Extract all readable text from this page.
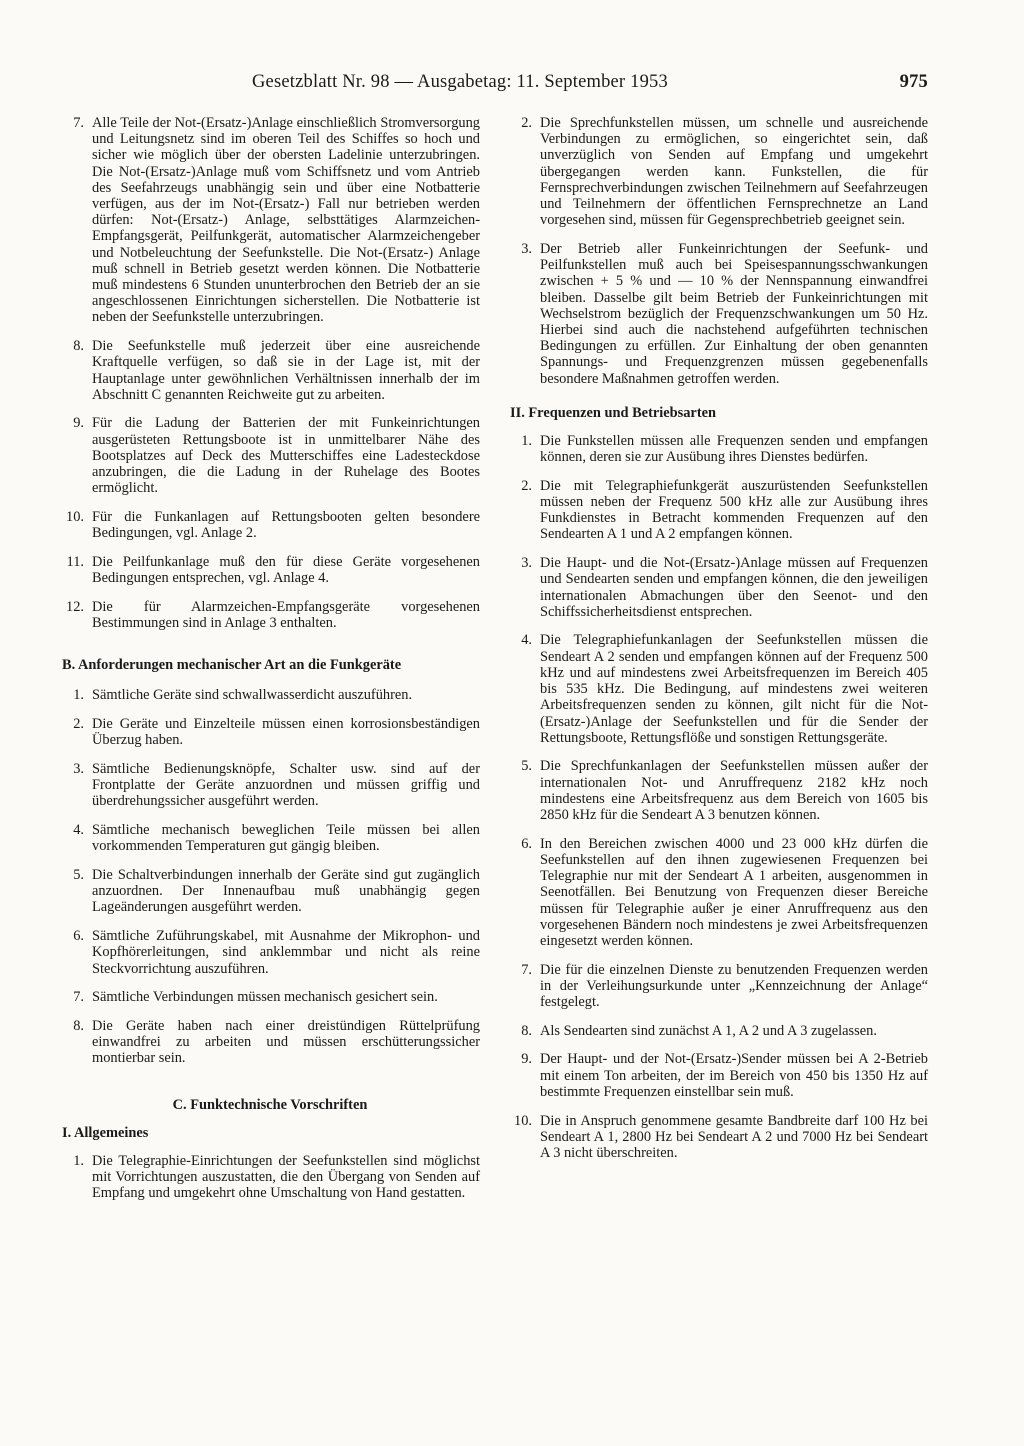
Gesetzblatt Nr. 98 — Ausgabetag: 11. September 1953	975
7. Alle Teile der Not-(Ersatz-)Anlage einschließlich Stromversorgung und Leitungsnetz sind im oberen Teil des Schiffes so hoch und sicher wie möglich über der obersten Ladelinie unterzubringen. Die Not-(Ersatz-)Anlage muß vom Schiffsnetz und vom Antrieb des Seefahrzeugs unabhängig sein und über eine Notbatterie verfügen, aus der im Not-(Ersatz-) Fall nur betrieben werden dürfen: Not-(Ersatz-) Anlage, selbsttätiges Alarmzeichen-Empfangsgerät, Peilfunkgerät, automatischer Alarmzeichengeber und Notbeleuchtung der Seefunkstelle. Die Not-(Ersatz-) Anlage muß schnell in Betrieb gesetzt werden können. Die Notbatterie muß mindestens 6 Stunden ununterbrochen den Betrieb der an sie angeschlossenen Einrichtungen sicherstellen. Die Notbatterie ist neben der Seefunkstelle unterzubringen.

8. Die Seefunkstelle muß jederzeit über eine ausreichende Kraftquelle verfügen, so daß sie in der Lage ist, mit der Hauptanlage unter gewöhnlichen Verhältnissen innerhalb der im Abschnitt C genannten Reichweite gut zu arbeiten.

9. Für die Ladung der Batterien der mit Funkeinrichtungen ausgerüsteten Rettungsboote ist in unmittelbarer Nähe des Bootsplatzes auf Deck des Mutterschiffes eine Ladesteckdose anzubringen, die die Ladung in der Ruhelage des Bootes ermöglicht.

10. Für die Funkanlagen auf Rettungsbooten gelten besondere Bedingungen, vgl. Anlage 2.

11. Die Peilfunkanlage muß den für diese Geräte vorgesehenen Bedingungen entsprechen, vgl. Anlage 4.

12. Die für Alarmzeichen-Empfangsgeräte vorgesehenen Bestimmungen sind in Anlage 3 enthalten.

B. Anforderungen mechanischer Art an die Funkgeräte
1. Sämtliche Geräte sind schwallwasserdicht auszuführen.

2. Die Geräte und Einzelteile müssen einen korrosionsbeständigen Überzug haben.

3. Sämtliche Bedienungsknöpfe, Schalter usw. sind auf der Frontplatte der Geräte anzuordnen und müssen griffig und überdrehungssicher ausgeführt werden.

4. Sämtliche mechanisch beweglichen Teile müssen bei allen vorkommenden Temperaturen gut gängig bleiben.

5. Die Schaltverbindungen innerhalb der Geräte sind gut zugänglich anzuordnen. Der Innenaufbau muß unabhängig gegen Lageänderungen ausgeführt werden.

6. Sämtliche Zuführungskabel, mit Ausnahme der Mikrophon- und Kopfhörerleitungen, sind anklemmbar und nicht als reine Steckvorrichtung auszuführen.

7. Sämtliche Verbindungen müssen mechanisch gesichert sein.

8. Die Geräte haben nach einer dreistündigen Rüttelprüfung einwandfrei zu arbeiten und müssen erschütterungssicher montierbar sein.

C. Funktechnische Vorschriften
I. Allgemeines
1. Die Telegraphie-Einrichtungen der Seefunkstellen sind möglichst mit Vorrichtungen auszustatten, die den Übergang von Senden auf Empfang und umgekehrt ohne Umschaltung von Hand gestatten.

2. Die Sprechfunkstellen müssen, um schnelle und ausreichende Verbindungen zu ermöglichen, so eingerichtet sein, daß unverzüglich von Senden auf Empfang und umgekehrt übergegangen werden kann. Funkstellen, die für Fernsprechverbindungen zwischen Teilnehmern auf Seefahrzeugen und Teilnehmern der öffentlichen Fernsprechnetze an Land vorgesehen sind, müssen für Gegensprechbetrieb geeignet sein.

3. Der Betrieb aller Funkeinrichtungen der Seefunk- und Peilfunkstellen muß auch bei Speisespannungsschwankungen zwischen + 5 % und — 10 % der Nennspannung einwandfrei bleiben. Dasselbe gilt beim Betrieb der Funkeinrichtungen mit Wechselstrom bezüglich der Frequenzschwankungen um 50 Hz. Hierbei sind auch die nachstehend aufgeführten technischen Bedingungen zu erfüllen. Zur Einhaltung der oben genannten Spannungs- und Frequenzgrenzen müssen gegebenenfalls besondere Maßnahmen getroffen werden.

II. Frequenzen und Betriebsarten
1. Die Funkstellen müssen alle Frequenzen senden und empfangen können, deren sie zur Ausübung ihres Dienstes bedürfen.

2. Die mit Telegraphiefunkgerät auszurüstenden Seefunkstellen müssen neben der Frequenz 500 kHz alle zur Ausübung ihres Funkdienstes in Betracht kommenden Frequenzen auf den Sendearten A 1 und A 2 empfangen können.

3. Die Haupt- und die Not-(Ersatz-)Anlage müssen auf Frequenzen und Sendearten senden und empfangen können, die den jeweiligen internationalen Abmachungen über den Seenot- und den Schiffssicherheitsdienst entsprechen.

4. Die Telegraphiefunkanlagen der Seefunkstellen müssen die Sendeart A 2 senden und empfangen können auf der Frequenz 500 kHz und auf mindestens zwei Arbeitsfrequenzen im Bereich 405 bis 535 kHz. Die Bedingung, auf mindestens zwei weiteren Arbeitsfrequenzen senden zu können, gilt nicht für die Not-(Ersatz-)Anlage der Seefunkstellen und für die Sender der Rettungsboote, Rettungsflöße und sonstigen Rettungsgeräte.

5. Die Sprechfunkanlagen der Seefunkstellen müssen außer der internationalen Not- und Anruffrequenz 2182 kHz noch mindestens eine Arbeitsfrequenz aus dem Bereich von 1605 bis 2850 kHz für die Sendeart A 3 benutzen können.

6. In den Bereichen zwischen 4000 und 23 000 kHz dürfen die Seefunkstellen auf den ihnen zugewiesenen Frequenzen bei Telegraphie nur mit der Sendeart A 1 arbeiten, ausgenommen in Seenotfällen. Bei Benutzung von Frequenzen dieser Bereiche müssen für Telegraphie außer je einer Anruffrequenz aus den vorgesehenen Bändern noch mindestens je zwei Arbeitsfrequenzen eingesetzt werden können.

7. Die für die einzelnen Dienste zu benutzenden Frequenzen werden in der Verleihungsurkunde unter „Kennzeichnung der Anlage“ festgelegt.

8. Als Sendearten sind zunächst A 1, A 2 und A 3 zugelassen.

9. Der Haupt- und der Not-(Ersatz-)Sender müssen bei A 2-Betrieb mit einem Ton arbeiten, der im Bereich von 450 bis 1350 Hz auf bestimmte Frequenzen einstellbar sein muß.

10. Die in Anspruch genommene gesamte Bandbreite darf 100 Hz bei Sendeart A 1, 2800 Hz bei Sendeart A 2 und 7000 Hz bei Sendeart A 3 nicht überschreiten.
